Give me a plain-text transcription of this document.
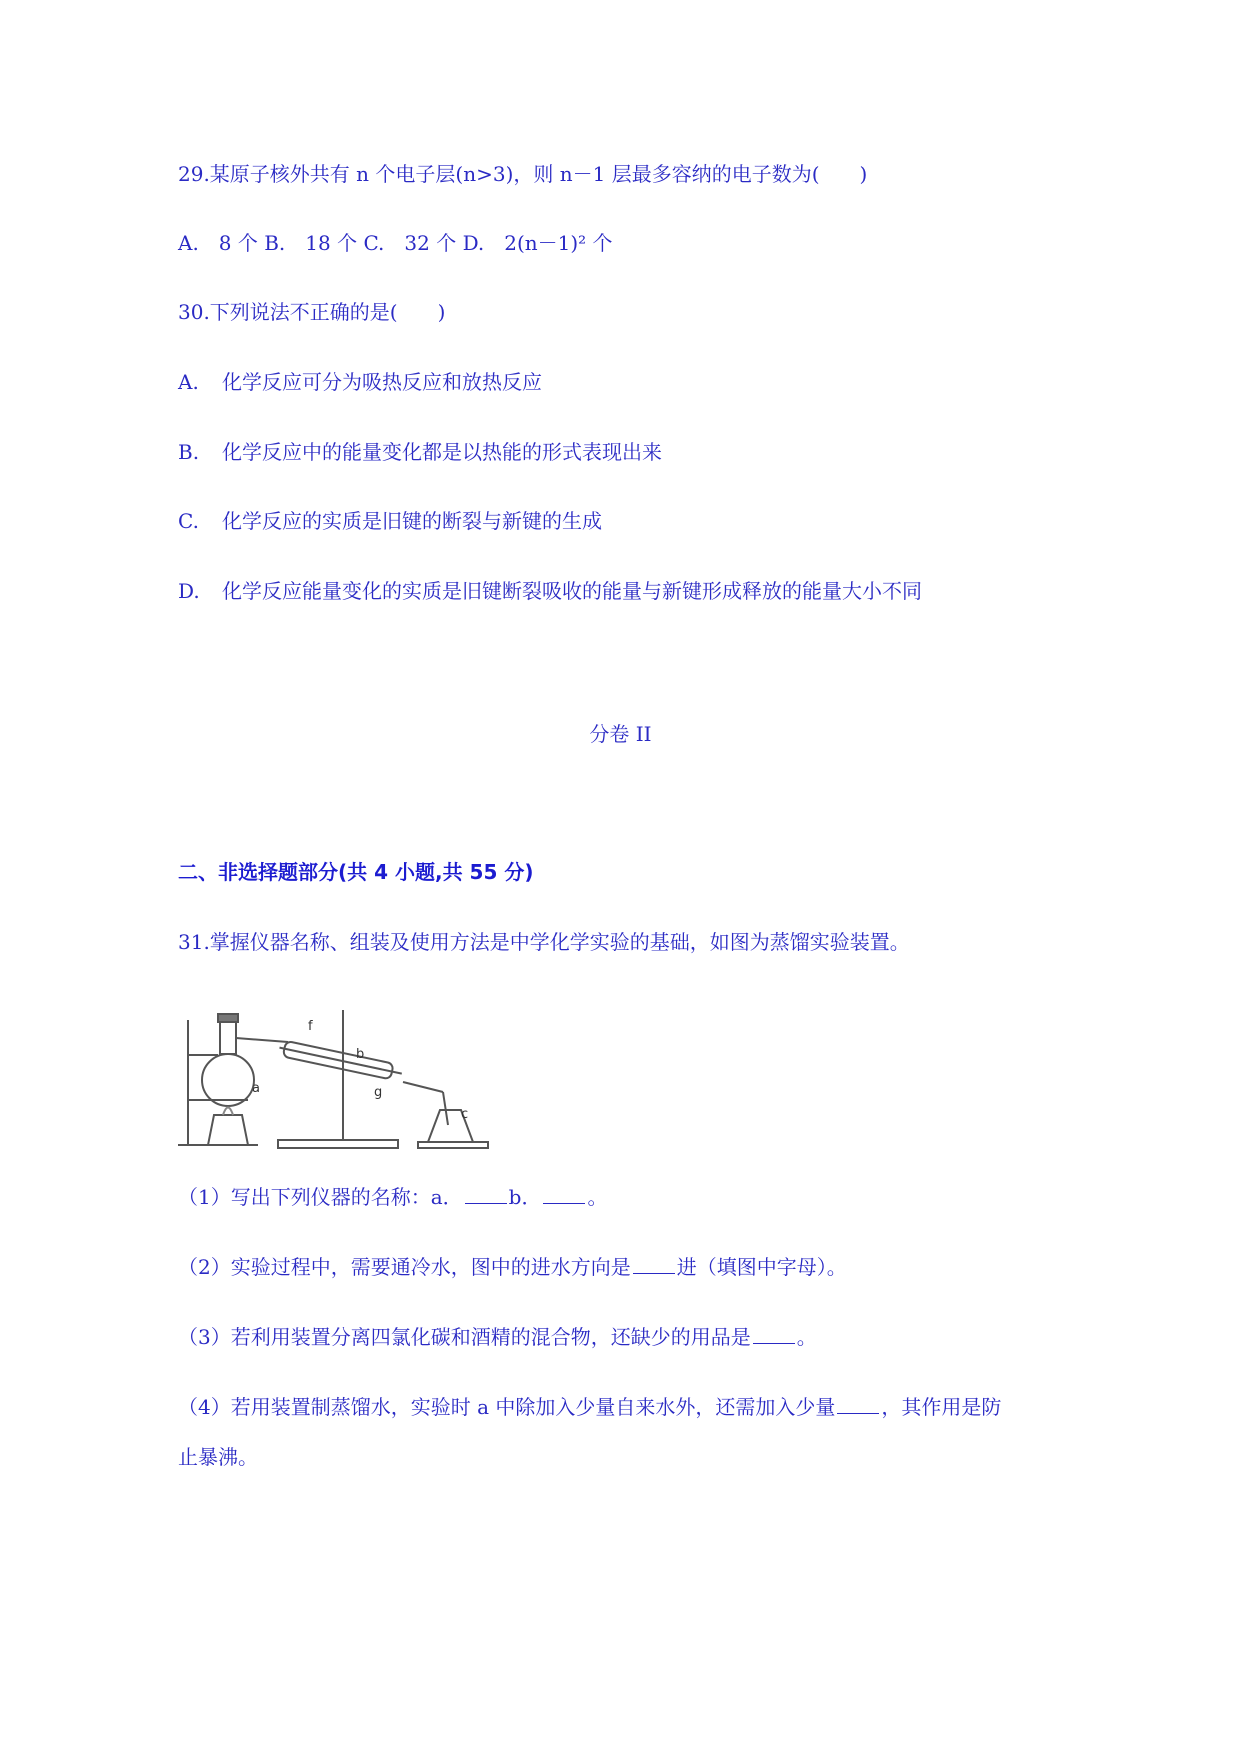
29.某原子核外共有 n 个电子层(n>3)，则 n－1 层最多容纳的电子数为(　　)
A.　8 个 B.　18 个 C.　32 个 D.　2(n－1)² 个
30.下列说法不正确的是(　　)
A. 化学反应可分为吸热反应和放热反应
B. 化学反应中的能量变化都是以热能的形式表现出来
C. 化学反应的实质是旧键的断裂与新键的生成
D. 化学反应能量变化的实质是旧键断裂吸收的能量与新键形成释放的能量大小不同
分卷 II
二、非选择题部分(共 4 小题,共 55 分)
31.掌握仪器名称、组装及使用方法是中学化学实验的基础，如图为蒸馏实验装置。
a
b
c
f
g
（1）写出下列仪器的名称：a． b． 。
（2）实验过程中，需要通冷水，图中的进水方向是 进（填图中字母）。
（3）若利用装置分离四氯化碳和酒精的混合物，还缺少的用品是 。
（4）若用装置制蒸馏水，实验时 a 中除加入少量自来水外，还需加入少量 ，其作用是防
止暴沸。
